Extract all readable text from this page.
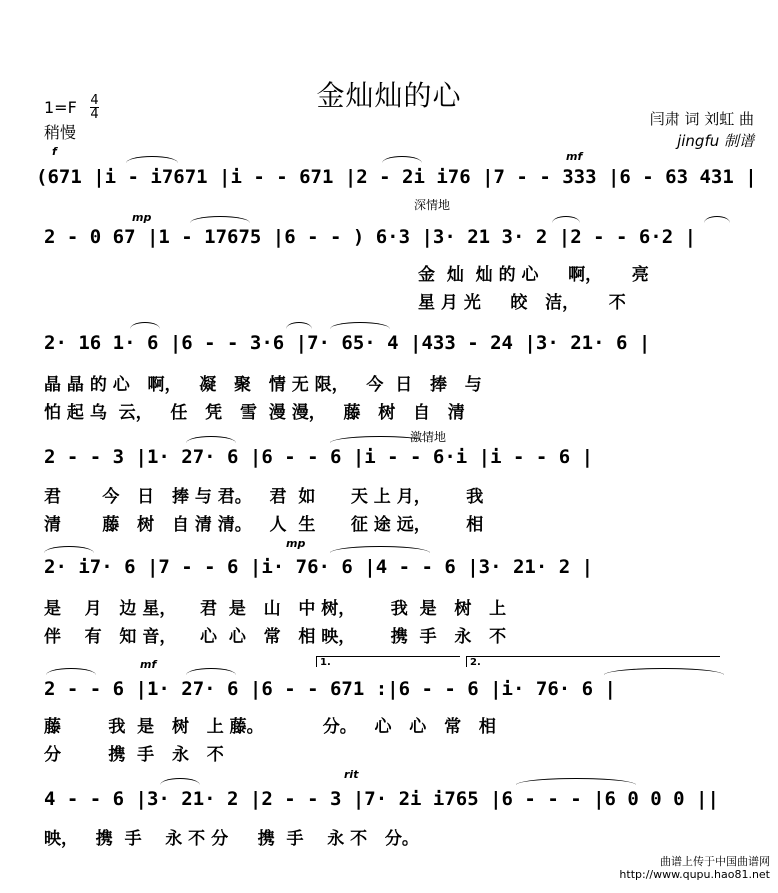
金灿灿的心
1=F 4
4
稍慢
闫肃 词 刘虹 曲
jingfu 制谱
f	mf
mp
深情地
激情地
mp
mf
rit
1.	2.
(671 |i - i7671 |i - - 671 |2 - 2i i76 |7 - - 333 |6 - 63 431 |
2 - 0 67 |1 - 17675 |6 - - ) 6·3 |3· 21 3· 2 |2 - - 6·2 |
2· 16 1· 6 |6 - - 3·6 |7· 65· 4 |433 - 24 |3· 21· 6 |
2 - - 3 |1· 27· 6 |6 - - 6 |i - - 6·i |i - - 6 |
2· i7· 6 |7 - - 6 |i· 76· 6 |4 - - 6 |3· 21· 2 |
2 - - 6 |1· 27· 6 |6 - - 671 :|6 - - 6 |i· 76· 6 |
4 - - 6 |3· 21· 2 |2 - - 3 |7· 2i i765 |6 - - - |6 0 0 0 ||
金  灿  灿 的 心     啊，     亮
星 月 光     皎   洁，     不
晶 晶 的 心   啊，   凝   聚   情 无 限，   今  日   捧   与
怕 起 乌  云，   任   凭   雪  漫 漫，   藤   树   自   清
君       今   日   捧 与 君。   君  如      天 上 月，      我
清       藤   树   自 清 清。   人  生      征 途 远，      相
是    月   边 星，    君  是   山   中 树，      我  是   树   上
伴    有   知 音，    心  心   常   相 映，      携  手   永   不
藤        我  是   树   上 藤。          分。   心   心   常   相
分        携  手   永   不
映，   携  手    永 不 分     携  手    永 不   分。
曲谱上传于中国曲谱网
http://www.qupu.hao81.net
